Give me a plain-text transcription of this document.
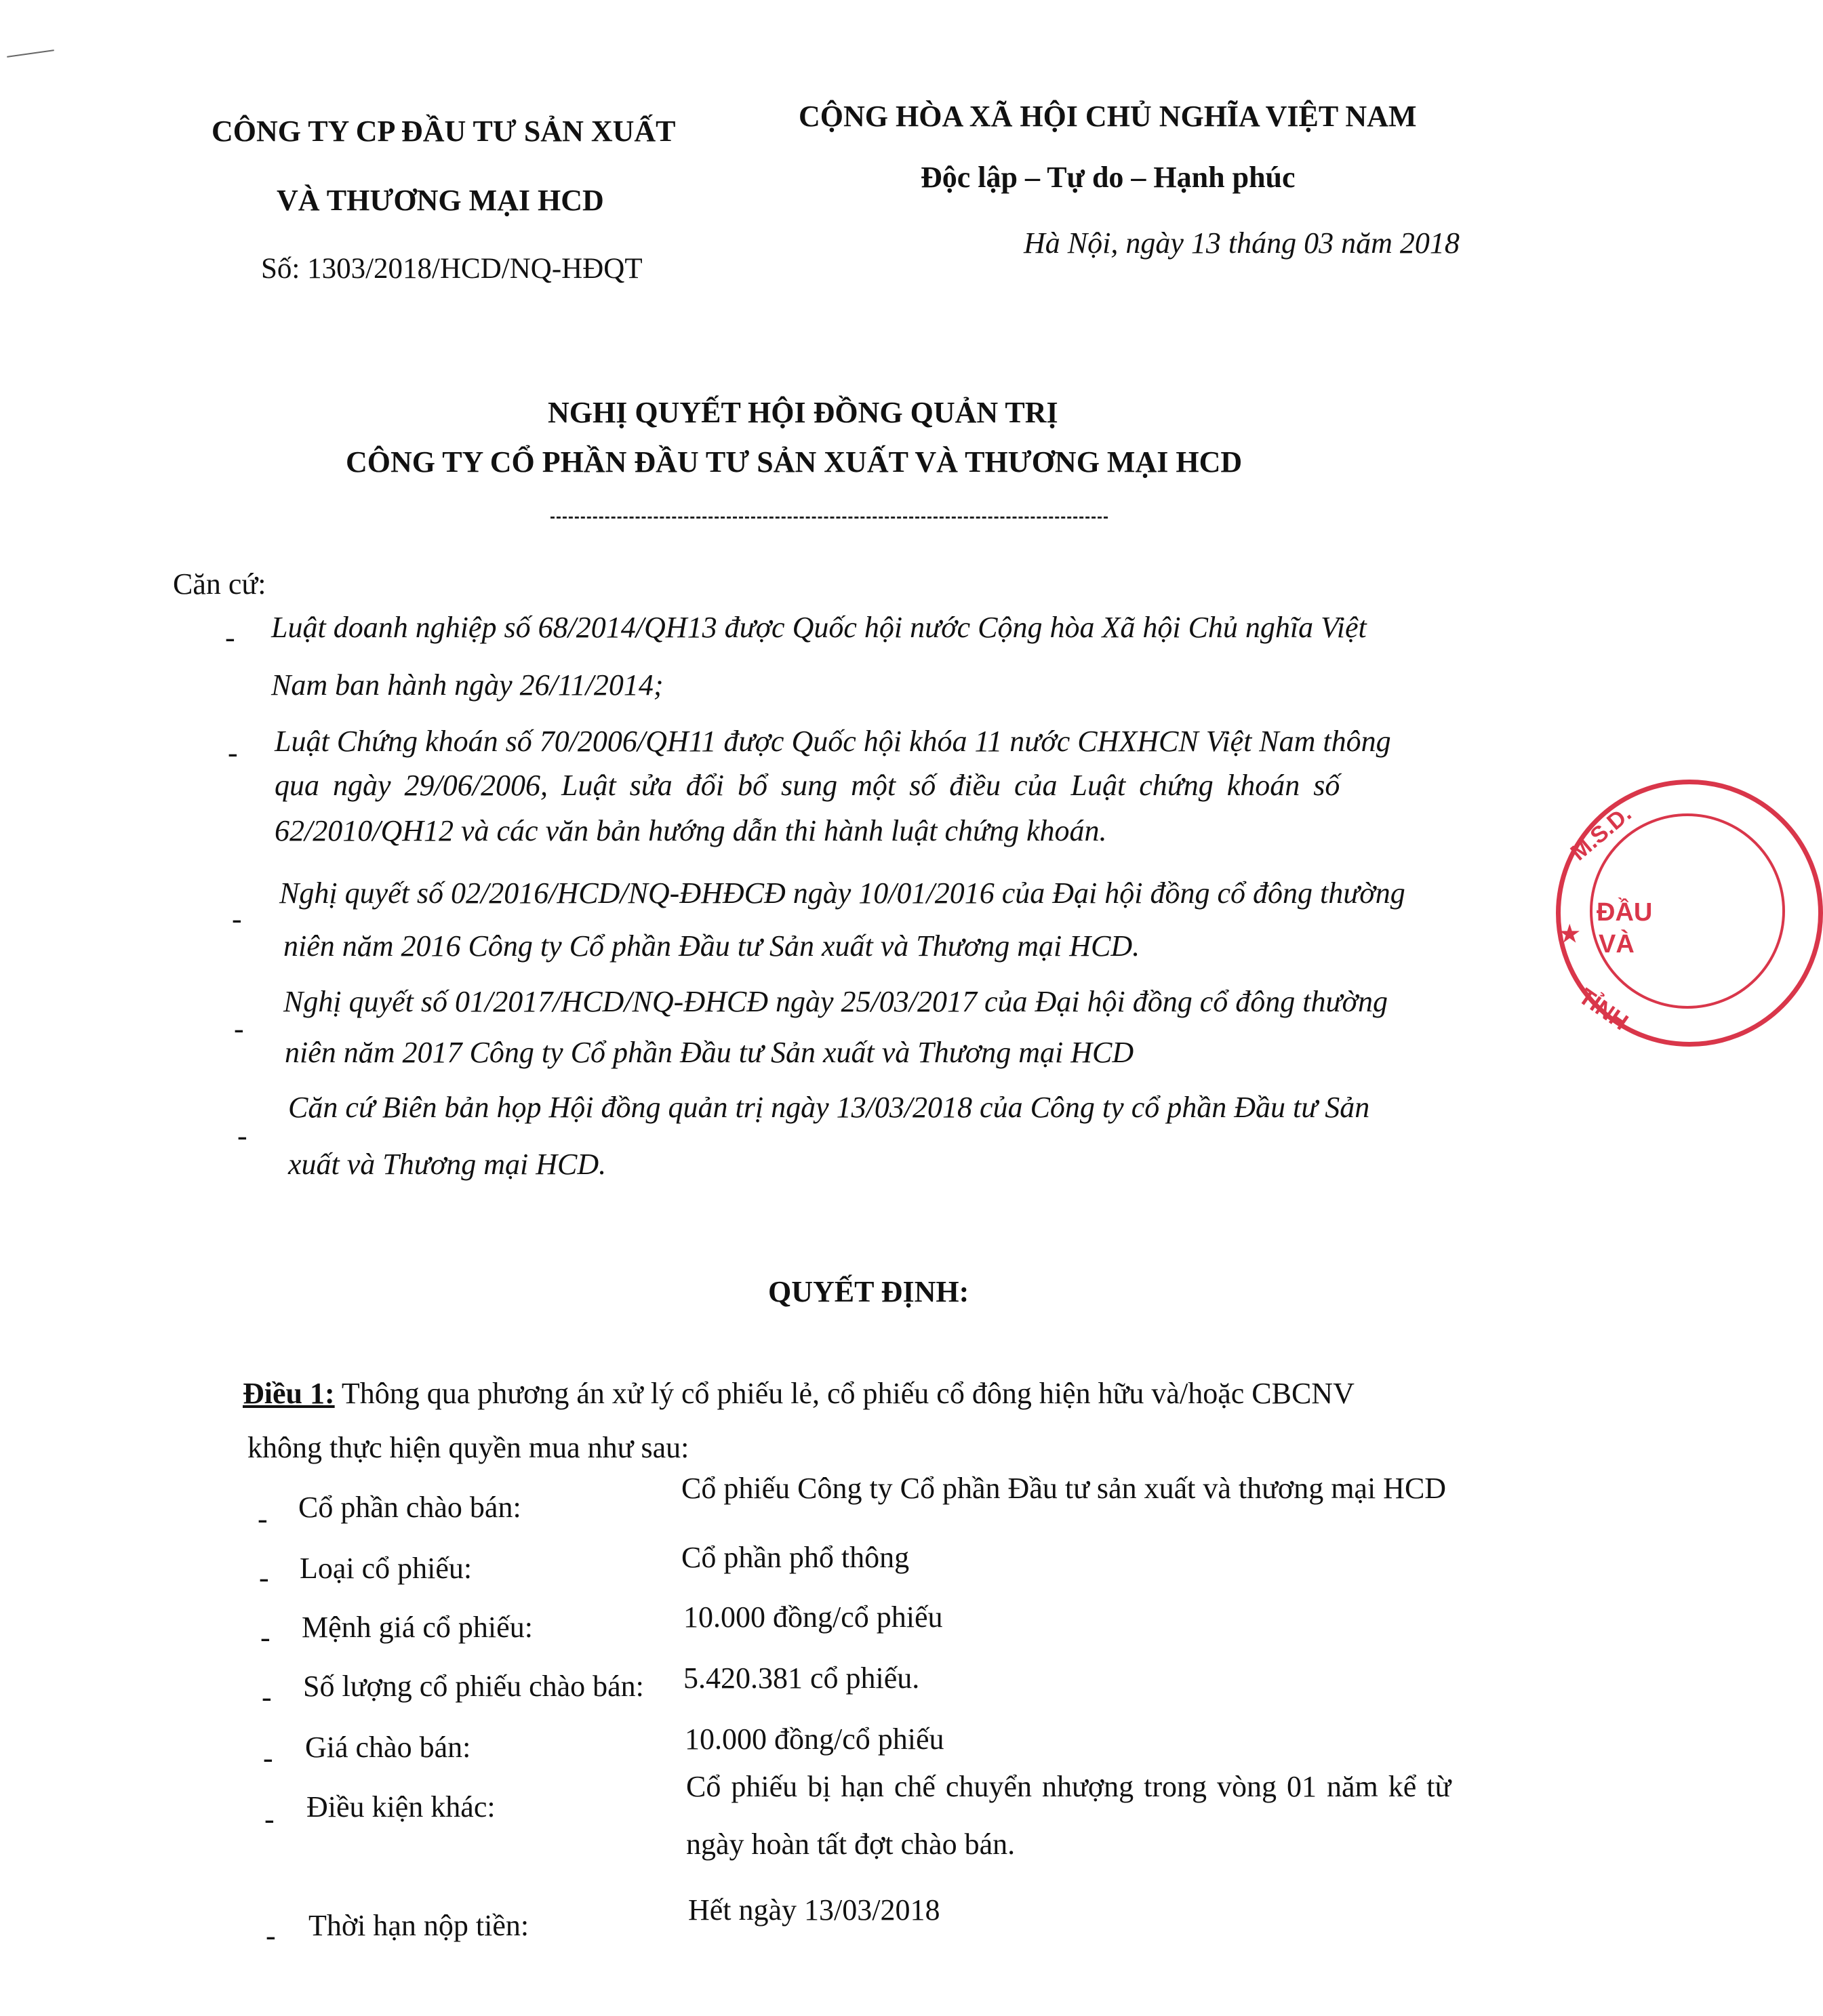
CÔNG TY CP ĐẦU TƯ SẢN XUẤT
VÀ THƯƠNG MẠI HCD
Số: 1303/2018/HCD/NQ-HĐQT
CỘNG HÒA XÃ HỘI CHỦ NGHĨA VIỆT NAM
Độc lập – Tự do – Hạnh phúc
Hà Nội, ngày 13 tháng 03 năm 2018
NGHỊ QUYẾT HỘI ĐỒNG QUẢN TRỊ
CÔNG TY CỔ PHẦN ĐẦU TƯ SẢN XUẤT VÀ THƯƠNG MẠI HCD
Căn cứ:
- Luật doanh nghiệp số 68/2014/QH13 được Quốc hội nước Cộng hòa Xã hội Chủ nghĩa Việt
Nam ban hành ngày 26/11/2014;
- Luật Chứng khoán số 70/2006/QH11 được Quốc hội khóa 11 nước CHXHCN Việt Nam thông
qua ngày 29/06/2006, Luật sửa đổi bổ sung một số điều của Luật chứng khoán số
62/2010/QH12 và các văn bản hướng dẫn thi hành luật chứng khoán.
-
Nghị quyết số 02/2016/HCD/NQ-ĐHĐCĐ ngày 10/01/2016 của Đại hội đồng cổ đông thường
niên năm 2016 Công ty Cổ phần Đầu tư Sản xuất và Thương mại HCD.
-
Nghị quyết số 01/2017/HCD/NQ-ĐHCĐ ngày 25/03/2017 của Đại hội đồng cổ đông thường
niên năm 2017 Công ty Cổ phần Đầu tư Sản xuất và Thương mại HCD
-
Căn cứ Biên bản họp Hội đồng quản trị ngày 13/03/2018 của Công ty cổ phần Đầu tư Sản
xuất và Thương mại HCD.
QUYẾT ĐỊNH:
Điều 1: Thông qua phương án xử lý cổ phiếu lẻ, cổ phiếu cổ đông hiện hữu và/hoặc CBCNV
không thực hiện quyền mua như sau:
- Cổ phần chào bán:
Cổ phiếu Công ty Cổ phần Đầu tư sản xuất và thương mại HCD
- Loại cổ phiếu:	Cổ phần phổ thông
- Mệnh giá cổ phiếu:	10.000 đồng/cổ phiếu
- Số lượng cổ phiếu chào bán: 5.420.381 cổ phiếu.
- Giá chào bán:	10.000 đồng/cổ phiếu
- Điều kiện khác:
Cổ phiếu bị hạn chế chuyển nhượng trong vòng 01 năm kể từ
ngày hoàn tất đợt chào bán.
- Thời hạn nộp tiền:	Hết ngày 13/03/2018
M.S.D.
★
ĐẦU
VÀ
TỈNH
